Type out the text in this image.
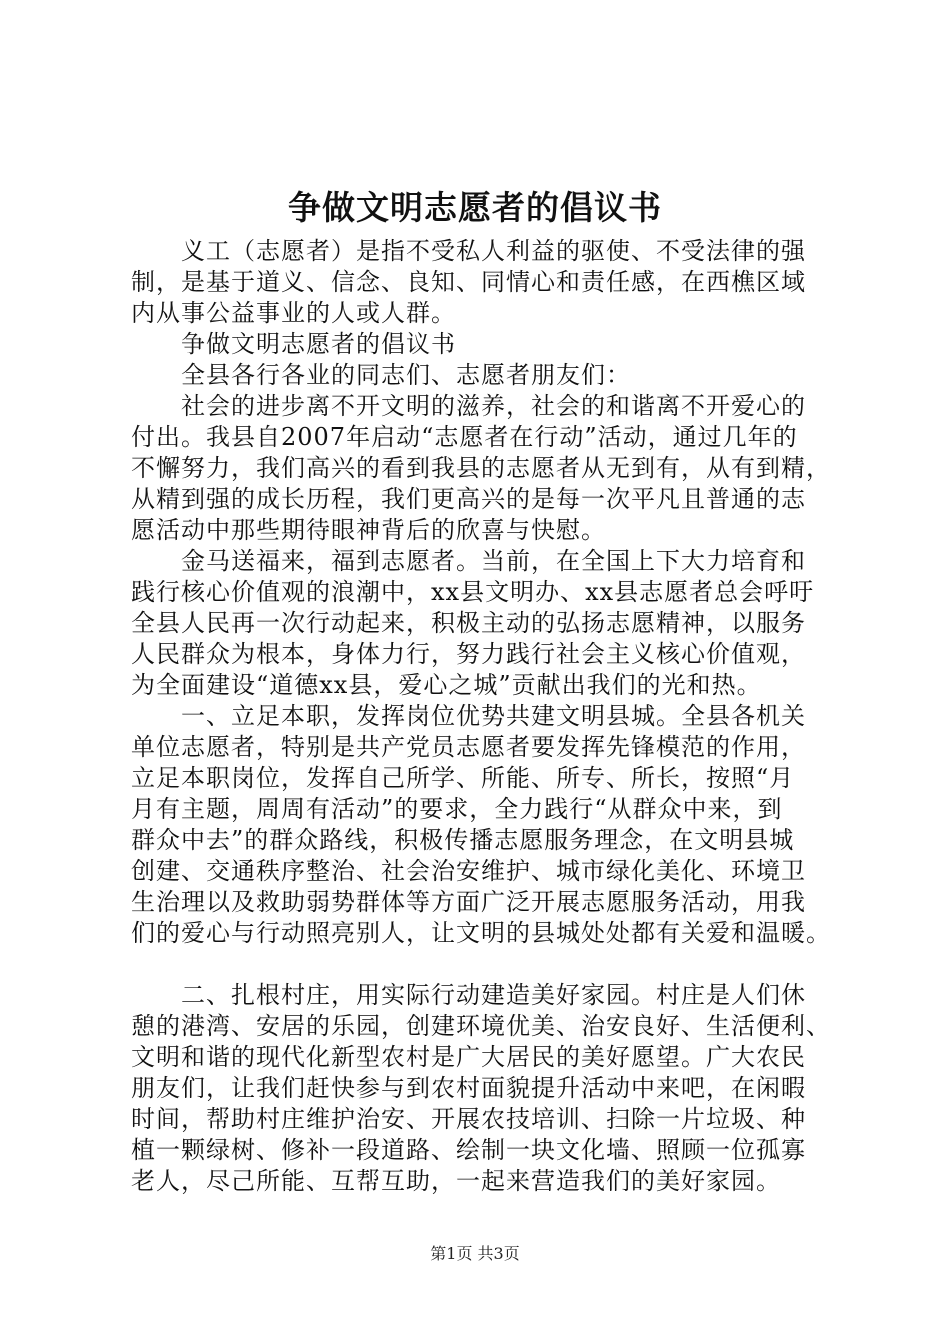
争做文明志愿者的倡议书

义工（志愿者）是指不受私人利益的驱使、不受法律的强
制，是基于道义、信念、良知、同情心和责任感，在西樵区域
内从事公益事业的人或人群。

争做文明志愿者的倡议书

全县各行各业的同志们、志愿者朋友们：

社会的进步离不开文明的滋养，社会的和谐离不开爱心的
付出。我县自2007年启动“志愿者在行动”活动，通过几年的
不懈努力，我们高兴的看到我县的志愿者从无到有，从有到精，
从精到强的成长历程，我们更高兴的是每一次平凡且普通的志
愿活动中那些期待眼神背后的欣喜与快慰。

金马送福来，福到志愿者。当前，在全国上下大力培育和
践行核心价值观的浪潮中，xx县文明办、xx县志愿者总会呼吁
全县人民再一次行动起来，积极主动的弘扬志愿精神，以服务
人民群众为根本，身体力行，努力践行社会主义核心价值观，
为全面建设“道德xx县，爱心之城”贡献出我们的光和热。

一、立足本职，发挥岗位优势共建文明县城。全县各机关
单位志愿者，特别是共产党员志愿者要发挥先锋模范的作用，
立足本职岗位，发挥自己所学、所能、所专、所长，按照“月
月有主题，周周有活动”的要求，全力践行“从群众中来，到
群众中去”的群众路线，积极传播志愿服务理念，在文明县城
创建、交通秩序整治、社会治安维护、城市绿化美化、环境卫
生治理以及救助弱势群体等方面广泛开展志愿服务活动，用我
们的爱心与行动照亮别人，让文明的县城处处都有关爱和温暖。

二、扎根村庄，用实际行动建造美好家园。村庄是人们休
憩的港湾、安居的乐园，创建环境优美、治安良好、生活便利、
文明和谐的现代化新型农村是广大居民的美好愿望。广大农民
朋友们，让我们赶快参与到农村面貌提升活动中来吧，在闲暇
时间，帮助村庄维护治安、开展农技培训、扫除一片垃圾、种
植一颗绿树、修补一段道路、绘制一块文化墙、照顾一位孤寡
老人，尽己所能、互帮互助，一起来营造我们的美好家园。

第1页 共3页
